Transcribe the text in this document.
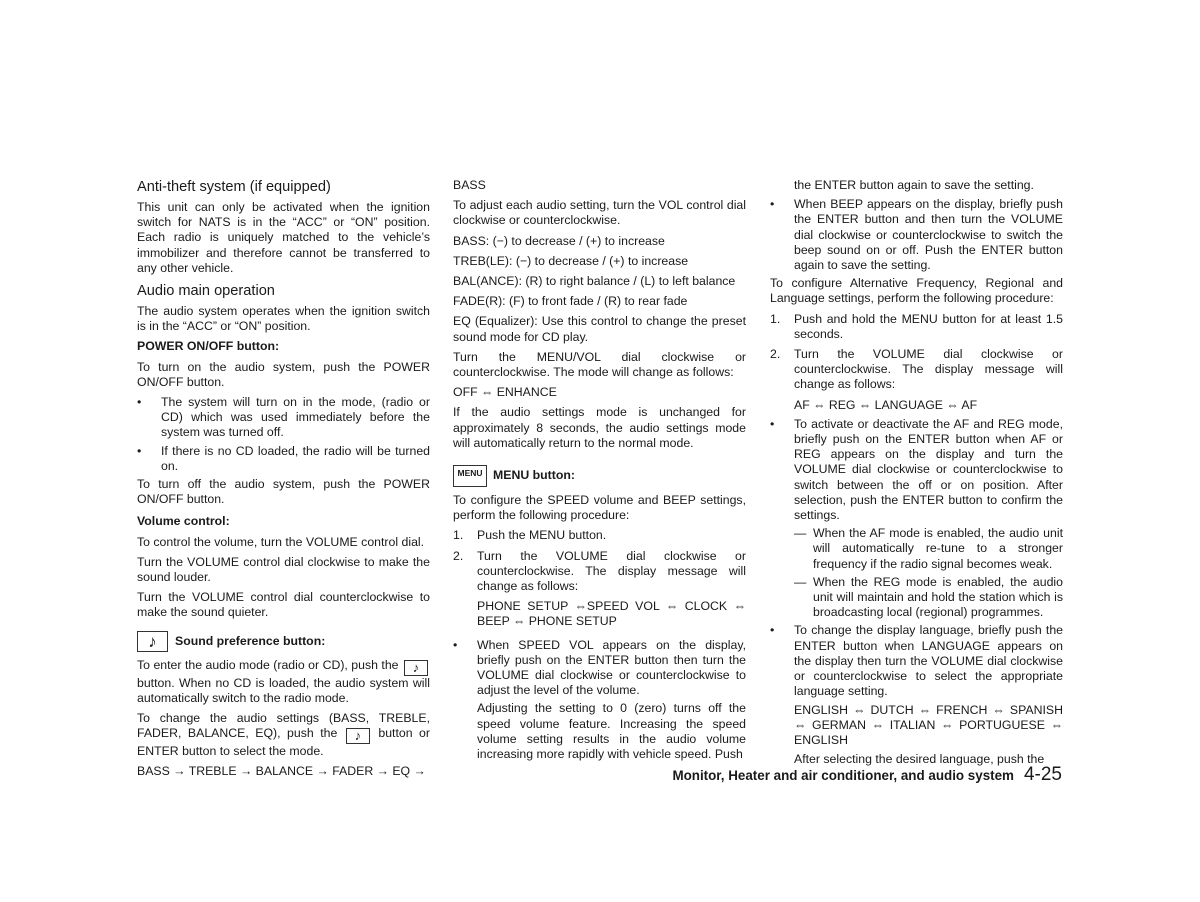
Anti-theft system (if equipped)

This unit can only be activated when the ignition switch for NATS is in the “ACC” or “ON” position. Each radio is uniquely matched to the vehicle’s immobilizer and therefore cannot be transferred to any other vehicle.

Audio main operation

The audio system operates when the ignition switch is in the “ACC” or “ON” position.

POWER ON/OFF button:

To turn on the audio system, push the POWER ON/OFF button.

• The system will turn on in the mode, (radio or CD) which was used immediately before the system was turned off.
• If there is no CD loaded, the radio will be turned on.

To turn off the audio system, push the POWER ON/OFF button.

Volume control:

To control the volume, turn the VOLUME control dial.

Turn the VOLUME control dial clockwise to make the sound louder.

Turn the VOLUME control dial counterclockwise to make the sound quieter.

♪	Sound preference button:

To enter the audio mode (radio or CD), push the ♪ button. When no CD is loaded, the audio system will automatically switch to the radio mode.

To change the audio settings (BASS, TREBLE, FADER, BALANCE, EQ), push the ♪ button or ENTER button to select the mode.

BASS → TREBLE → BALANCE → FADER → EQ →

BASS

To adjust each audio setting, turn the VOL control dial clockwise or counterclockwise.

BASS: (−) to decrease / (+) to increase

TREB(LE): (−) to decrease / (+) to increase

BAL(ANCE): (R) to right balance / (L) to left balance

FADE(R): (F) to front fade / (R) to rear fade

EQ (Equalizer): Use this control to change the preset sound mode for CD play.

Turn the MENU/VOL dial clockwise or counterclockwise. The mode will change as follows:

OFF ⇔ ENHANCE

If the audio settings mode is unchanged for approximately 8 seconds, the audio settings mode will automatically return to the normal mode.

MENU MENU button:

To configure the SPEED volume and BEEP settings, perform the following procedure:

1. Push the MENU button.
2. Turn the VOLUME dial clockwise or counterclockwise. The display message will change as follows:

PHONE SETUP ⇔SPEED VOL ⇔ CLOCK ⇔ BEEP ⇔ PHONE SETUP

• When SPEED VOL appears on the display, briefly push on the ENTER button then turn the VOLUME dial clockwise or counterclockwise to adjust the level of the volume.

Adjusting the setting to 0 (zero) turns off the speed volume feature. Increasing the speed volume setting results in the audio volume increasing more rapidly with vehicle speed. Push

the ENTER button again to save the setting.

• When BEEP appears on the display, briefly push the ENTER button and then turn the VOLUME dial clockwise or counterclockwise to switch the beep sound on or off. Push the ENTER button again to save the setting.

To configure Alternative Frequency, Regional and Language settings, perform the following procedure:

1. Push and hold the MENU button for at least 1.5 seconds.
2. Turn the VOLUME dial clockwise or counterclockwise. The display message will change as follows:

AF ⇔ REG ⇔ LANGUAGE ⇔ AF

• To activate or deactivate the AF and REG mode, briefly push on the ENTER button when AF or REG appears on the display and turn the VOLUME dial clockwise or counterclockwise to switch between the off or on position. After selection, push the ENTER button to confirm the settings.
— When the AF mode is enabled, the audio unit will automatically re-tune to a stronger frequency if the radio signal becomes weak.
— When the REG mode is enabled, the audio unit will maintain and hold the station which is broadcasting local (regional) programmes.
• To change the display language, briefly push the ENTER button when LANGUAGE appears on the display then turn the VOLUME dial clockwise or counterclockwise to select the appropriate language setting.

ENGLISH ⇔ DUTCH ⇔ FRENCH ⇔ SPANISH ⇔ GERMAN ⇔ ITALIAN ⇔ PORTUGUESE ⇔ ENGLISH

After selecting the desired language, push the

Monitor, Heater and air conditioner, and audio system 4-25
